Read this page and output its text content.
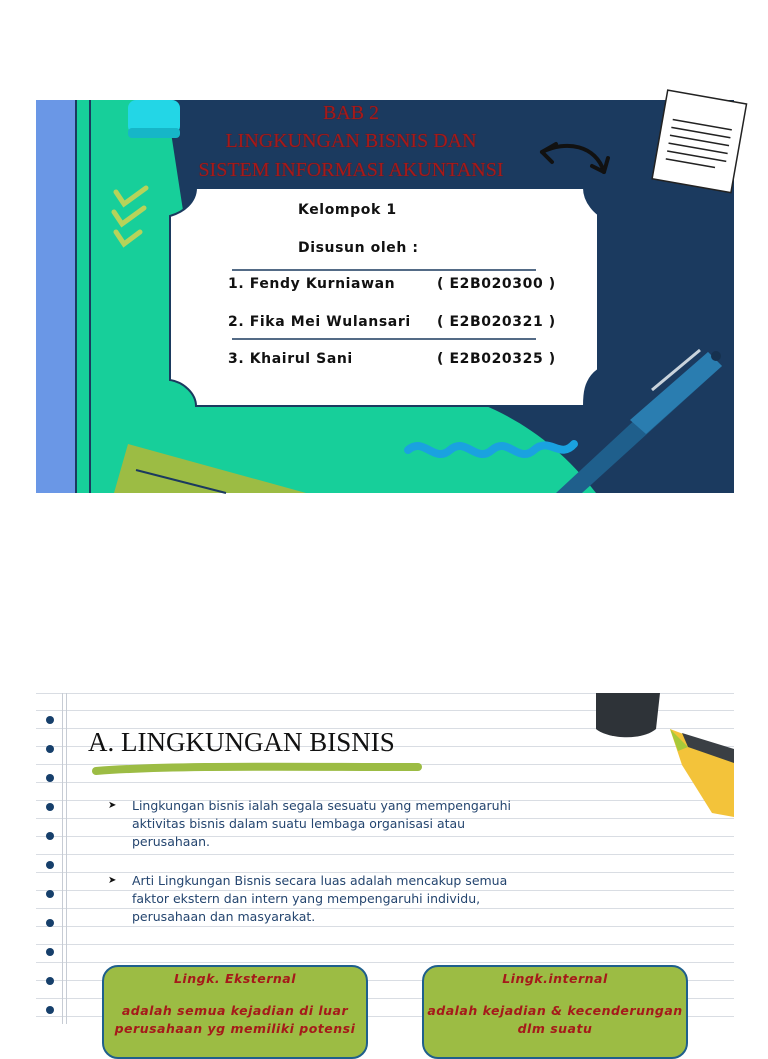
BAB 2
LINGKUNGAN BISNIS DAN
SISTEM INFORMASI AKUNTANSI
Kelompok 1
Disusun oleh :
1. Fendy Kurniawan	( E2B020300 )
2. Fika Mei Wulansari ( E2B020321 )
3. Khairul Sani	( E2B020325 )
A. LINGKUNGAN BISNIS
➤ Lingkungan bisnis ialah segala sesuatu yang mempengaruhi aktivitas bisnis dalam suatu lembaga organisasi atau perusahaan.
➤ Arti Lingkungan Bisnis secara luas adalah mencakup semua faktor ekstern dan intern yang mempengaruhi individu, perusahaan dan masyarakat.
Lingk. Eksternal
adalah semua kejadian di luar perusahaan yg memiliki potensi
Lingk.internal
adalah kejadian & kecenderungan dlm suatu
